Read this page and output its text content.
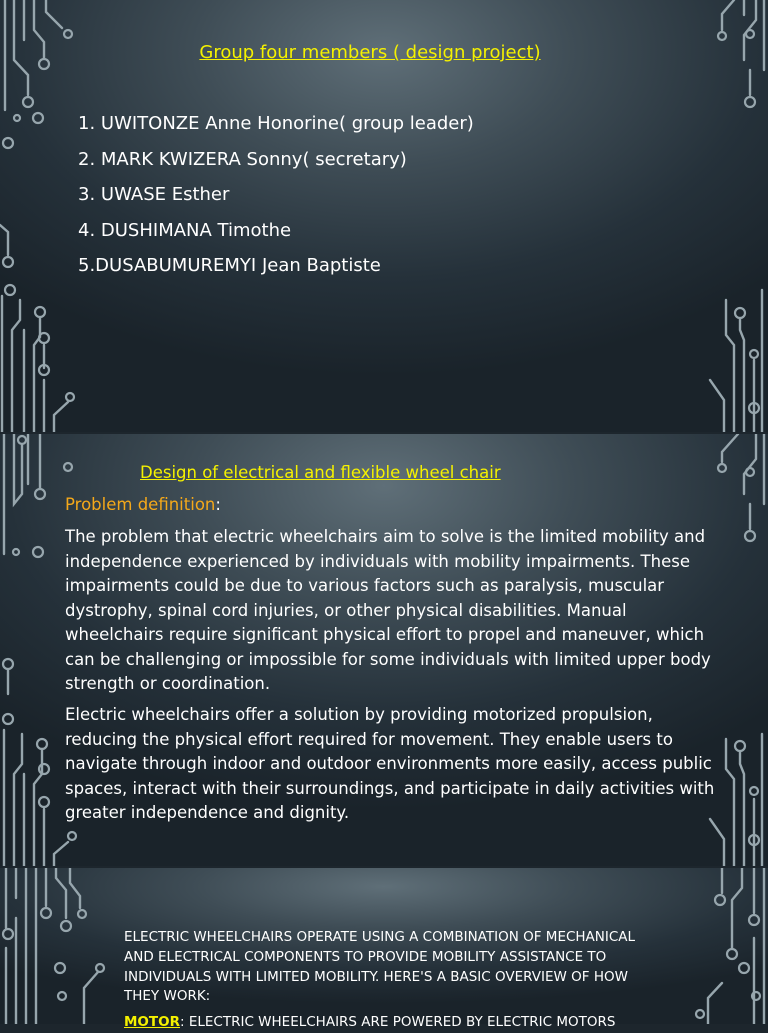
Group four members ( design project)
1. UWITONZE Anne Honorine( group leader)
2. MARK KWIZERA Sonny( secretary)
3. UWASE Esther
4. DUSHIMANA Timothe
5.DUSABUMUREMYI Jean Baptiste
Design of electrical and flexible wheel chair
Problem definition:
The problem that electric wheelchairs aim to solve is the limited mobility and independence experienced by individuals with mobility impairments. These impairments could be due to various factors such as paralysis, muscular dystrophy, spinal cord injuries, or other physical disabilities. Manual wheelchairs require significant physical effort to propel and maneuver, which can be challenging or impossible for some individuals with limited upper body strength or coordination.
Electric wheelchairs offer a solution by providing motorized propulsion, reducing the physical effort required for movement. They enable users to navigate through indoor and outdoor environments more easily, access public spaces, interact with their surroundings, and participate in daily activities with greater independence and dignity.
ELECTRIC WHEELCHAIRS OPERATE USING A COMBINATION OF MECHANICAL AND ELECTRICAL COMPONENTS TO PROVIDE MOBILITY ASSISTANCE TO INDIVIDUALS WITH LIMITED MOBILITY. HERE'S A BASIC OVERVIEW OF HOW THEY WORK:
MOTOR: ELECTRIC WHEELCHAIRS ARE POWERED BY ELECTRIC MOTORS
